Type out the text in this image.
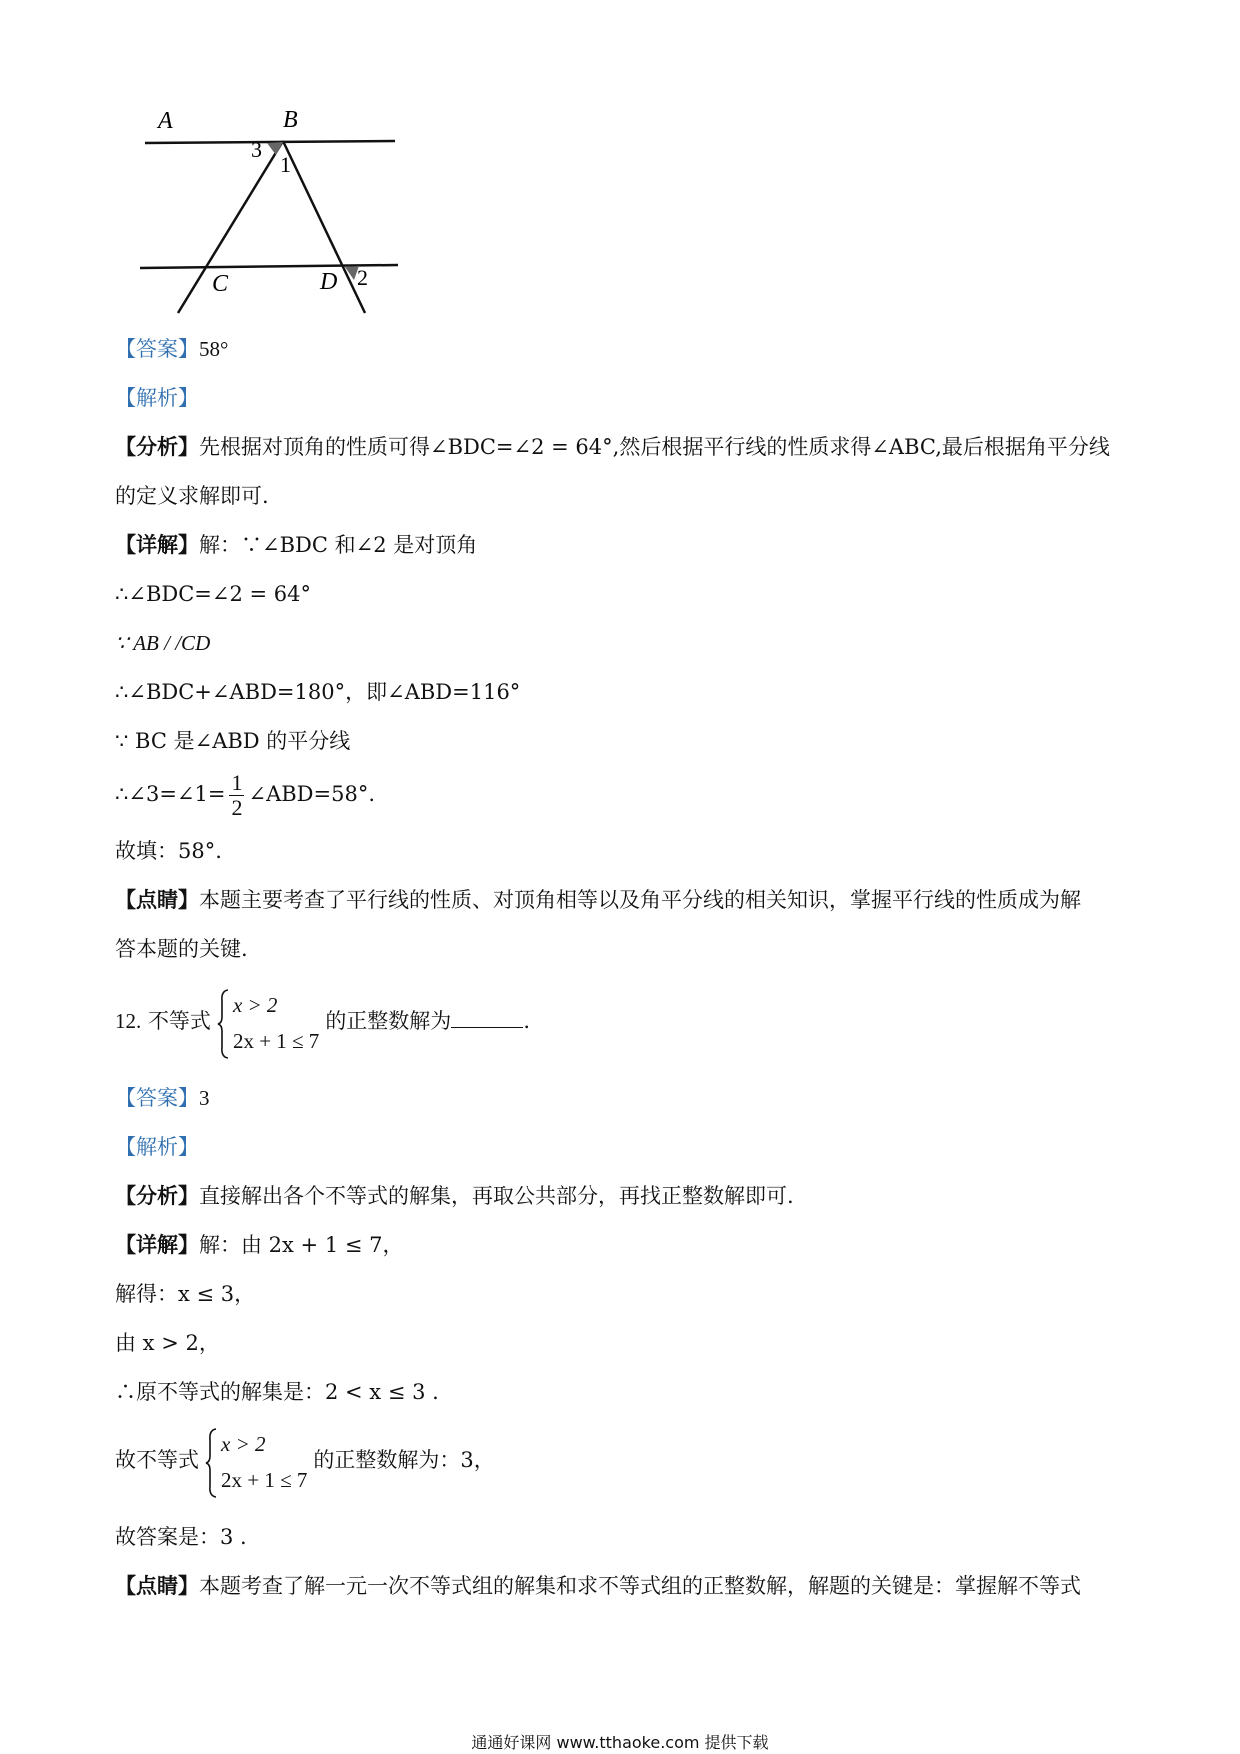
A	B
3
1
C	D 2
【答案】58°
【解析】
【分析】先根据对顶角的性质可得∠BDC=∠2 = 64°,然后根据平行线的性质求得∠ABC,最后根据角平分线
的定义求解即可.
【详解】解：∵∠BDC 和∠2 是对顶角
∴∠BDC=∠2 = 64°
∵ AB / /CD
∴∠BDC+∠ABD=180°，即∠ABD=116°
∵ BC 是∠ABD 的平分线
∴∠3=∠1= $\frac{1}{2}$ ∠ABD=58°.
故填：58°.
【点睛】本题主要考查了平行线的性质、对顶角相等以及角平分线的相关知识，掌握平行线的性质成为解
答本题的关键.
12. 不等式
x > 2
2x + 1 ≤ 7
的正整数解为	.
【答案】3
【解析】
【分析】直接解出各个不等式的解集，再取公共部分，再找正整数解即可.
【详解】解：由 2x + 1 ≤ 7，
解得：x ≤ 3，
由 x > 2，
∴原不等式的解集是：2 < x ≤ 3 .
故不等式
x > 2
2x + 1 ≤ 7
的正整数解为：3，
故答案是：3 .
【点睛】本题考查了解一元一次不等式组的解集和求不等式组的正整数解，解题的关键是：掌握解不等式
通通好课网 www.tthaoke.com 提供下载
